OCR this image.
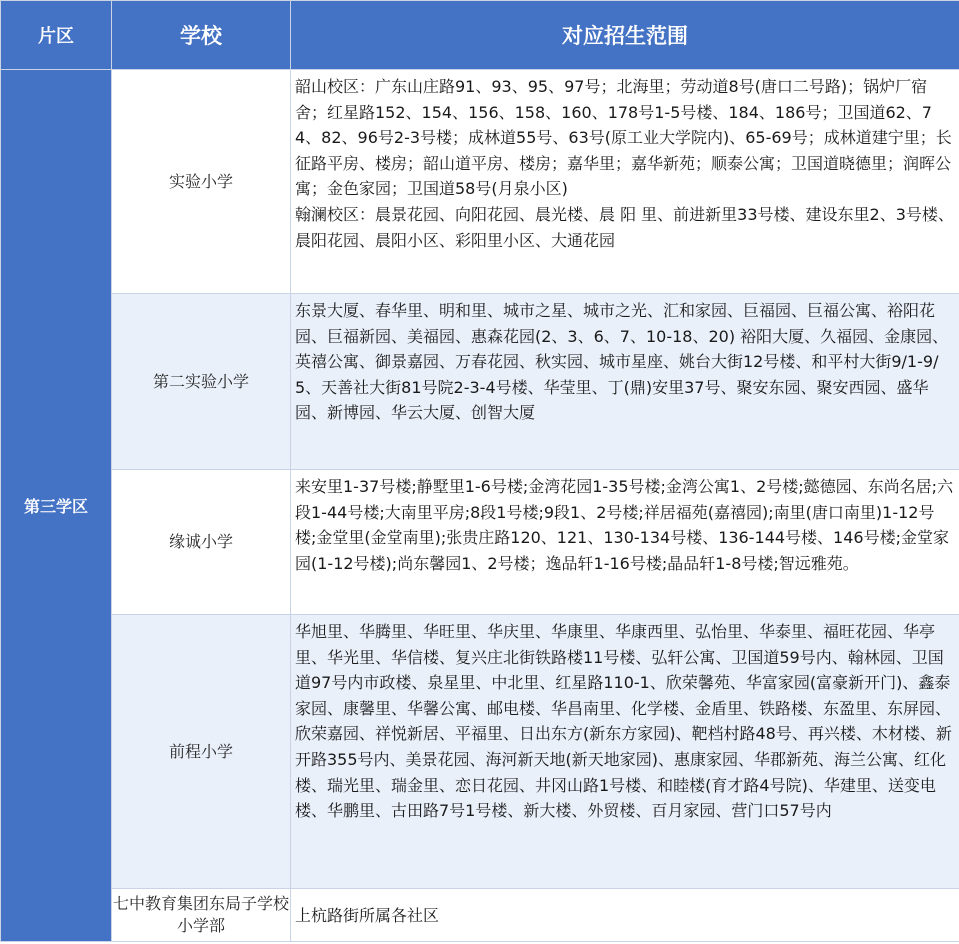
片区	学校	对应招生范围
第三学区	实验小学	韶山校区：广东山庄路91、93、95、97号；北海里；劳动道8号(唐口二号路)；锅炉厂宿舍；红星路152、154、156、158、160、178号1-5号楼、184、186号；卫国道62、74、82、96号2-3号楼；成林道55号、63号(原工业大学院内)、65-69号；成林道建宁里；长征路平房、楼房；韶山道平房、楼房；嘉华里；嘉华新苑；顺泰公寓；卫国道晓德里；润晖公寓；金色家园；卫国道58号(月泉小区)

翰澜校区：晨景花园、向阳花园、晨光楼、晨 阳 里、前进新里33号楼、建设东里2、3号楼、晨阳花园、晨阳小区、彩阳里小区、大通花园

	第二实验小学	东景大厦、春华里、明和里、城市之星、城市之光、汇和家园、巨福园、巨福公寓、裕阳花园、巨福新园、美福园、惠森花园(2、3、6、7、10-18、20) 裕阳大厦、久福园、金康园、英禧公寓、御景嘉园、万春花园、秋实园、城市星座、姚台大街12号楼、和平村大街9/1-9/5、天善社大街81号院2-3-4号楼、华莹里、丁(鼎)安里37号、聚安东园、聚安西园、盛华园、新博园、华云大厦、创智大厦

	缘诚小学	来安里1-37号楼;静墅里1-6号楼;金湾花园1-35号楼;金湾公寓1、2号楼;懿德园、东尚名居;六段1-44号楼;大南里平房;8段1号楼;9段1、2号楼;祥居福苑(嘉禧园);南里(唐口南里)1-12号楼;金堂里(金堂南里);张贵庄路120、121、130-134号楼、136-144号楼、146号楼;金堂家园(1-12号楼);尚东馨园1、2号楼；逸品轩1-16号楼;晶品轩1-8号楼;智远雅苑。

	前程小学	华旭里、华腾里、华旺里、华庆里、华康里、华康西里、弘怡里、华泰里、福旺花园、华亭里、华光里、华信楼、复兴庄北街铁路楼11号楼、弘轩公寓、卫国道59号内、翰林园、卫国道97号内市政楼、泉星里、中北里、红星路110-1、欣荣馨苑、华富家园(富豪新开门)、鑫泰家园、康馨里、华馨公寓、邮电楼、华昌南里、化学楼、金盾里、铁路楼、东盈里、东屏园、欣荣嘉园、祥悦新居、平福里、日出东方(新东方家园)、靶档村路48号、再兴楼、木材楼、新开路355号内、美景花园、海河新天地(新天地家园)、惠康家园、华郡新苑、海兰公寓、红化楼、瑞光里、瑞金里、恋日花园、井冈山路1号楼、和睦楼(育才路4号院)、华建里、送变电楼、华鹏里、古田路7号1号楼、新大楼、外贸楼、百月家园、营门口57号内

	七中教育集团东局子学校小学部	上杭路街所属各社区
